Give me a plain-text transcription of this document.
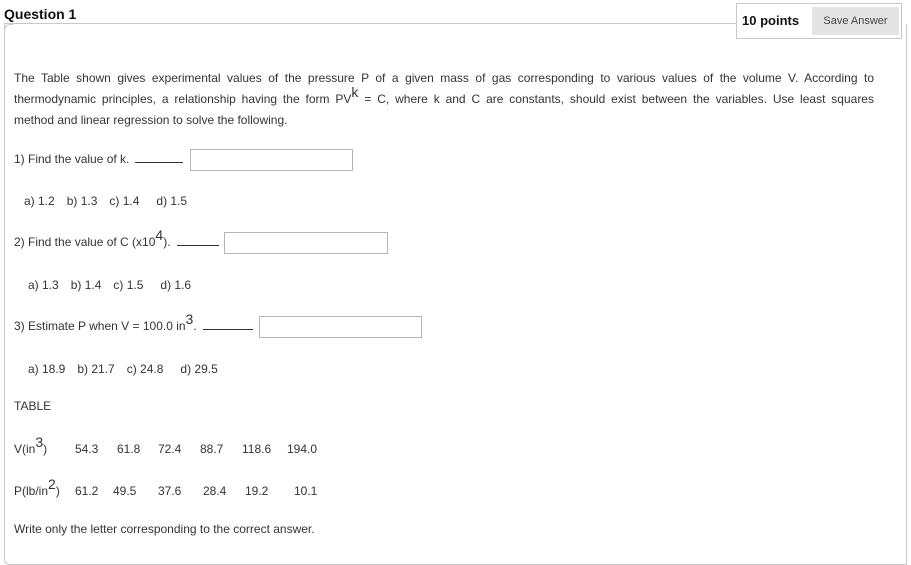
Question 1	10 points	Save Answer
The Table shown gives experimental values of the pressure P of a given mass of gas corresponding to various values of the volume V. According to
thermodynamic principles, a relationship having the form $PV^k = C$, where k and C are constants, should exist between the variables. Use least squares
method and linear regression to solve the following.
1) Find the value of k.
a) 1.2 b) 1.3 c) 1.4 d) 1.5
2) Find the value of C $(x10^4)$.
a) 1.3 b) 1.4 c) 1.5 d) 1.6
3) Estimate P when V = 100.0 $in^3$.
a) 18.9 b) 21.7 c) 24.8 d) 29.5
TABLE
$V(in^3)$ 54.3 61.8 72.4 88.7 118.6 194.0
$P(lb/in^2)$ 61.2 49.5 37.6 28.4 19.2 10.1
Write only the letter corresponding to the correct answer.
